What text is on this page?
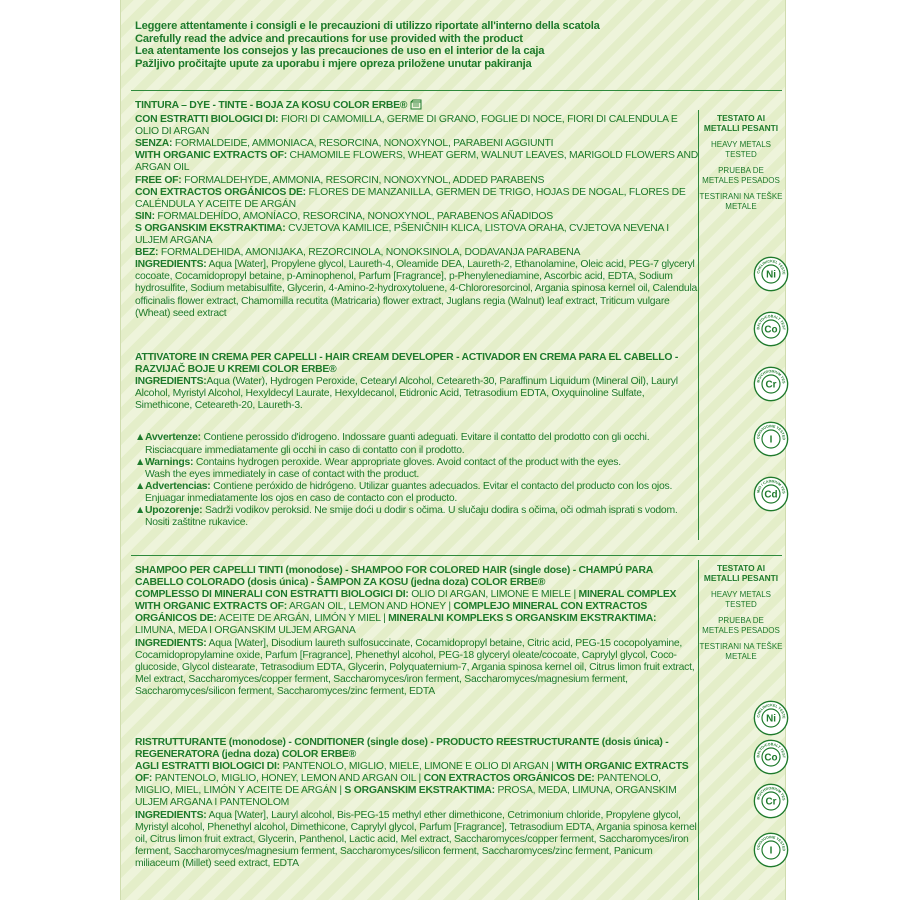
Leggere attentamente i consigli e le precauzioni di utilizzo riportate all'interno della scatola
Carefully read the advice and precautions for use provided with the product
Lea atentamente los consejos y las precauciones de uso en el interior de la caja
Pažljivo pročitajte upute za uporabu i mjere opreza priložene unutar pakiranja

TINTURA – DYE - TINTE - BOJA ZA KOSU COLOR ERBE®

CON ESTRATTI BIOLOGICI DI: FIORI DI CAMOMILLA, GERME DI GRANO, FOGLIE DI NOCE, FIORI DI CALENDULA E OLIO DI ARGAN

SENZA: FORMALDEIDE, AMMONIACA, RESORCINA, NONOXYNOL, PARABENI AGGIUNTI

WITH ORGANIC EXTRACTS OF: CHAMOMILE FLOWERS, WHEAT GERM, WALNUT LEAVES, MARIGOLD FLOWERS AND ARGAN OIL

FREE OF: FORMALDEHYDE, AMMONIA, RESORCIN, NONOXYNOL, ADDED PARABENS

CON EXTRACTOS ORGÁNICOS DE: FLORES DE MANZANILLA, GERMEN DE TRIGO, HOJAS DE NOGAL, FLORES DE CALÉNDULA Y ACEITE DE ARGÁN

SIN: FORMALDEHÍDO, AMONÍACO, RESORCINA, NONOXYNOL, PARABENOS AÑADIDOS

S ORGANSKIM EKSTRAKTIMA: CVJETOVA KAMILICE, PŠENIČNIH KLICA, LISTOVA ORAHA, CVJETOVA NEVENA I ULJEM ARGANA

BEZ: FORMALDEHIDA, AMONIJAKA, REZORCINOLA, NONOKSINOLA, DODAVANJA PARABENA

INGREDIENTS: Aqua [Water], Propylene glycol, Laureth-4, Oleamide DEA, Laureth-2, Ethanolamine, Oleic acid, PEG-7 glyceryl cocoate, Cocamidopropyl betaine, p-Aminophenol, Parfum [Fragrance], p-Phenylenediamine, Ascorbic acid, EDTA, Sodium hydrosulfite, Sodium metabisulfite, Glycerin, 4-Amino-2-hydroxytoluene, 4-Chlororesorcinol, Argania spinosa kernel oil, Calendula officinalis flower extract, Chamomilla recutita (Matricaria) flower extract, Juglans regia (Walnut) leaf extract, Triticum vulgare (Wheat) seed extract

ATTIVATORE IN CREMA PER CAPELLI - HAIR CREAM DEVELOPER - ACTIVADOR EN CREMA PARA EL CABELLO - RAZVIJAČ BOJE U KREMI COLOR ERBE®

INGREDIENTS:Aqua (Water), Hydrogen Peroxide, Cetearyl Alcohol, Ceteareth-30, Paraffinum Liquidum (Mineral Oil), Lauryl Alcohol, Myristyl Alcohol, Hexyldecyl Laurate, Hexyldecanol, Etidronic Acid, Tetrasodium EDTA, Oxyquinoline Sulfate, Simethicone, Ceteareth-20, Laureth-3.

▲Avvertenze: Contiene perossido d'idrogeno. Indossare guanti adeguati. Evitare il contatto del prodotto con gli occhi.

Risciacquare immediatamente gli occhi in caso di contatto con il prodotto.

▲Warnings: Contains hydrogen peroxide. Wear appropriate gloves. Avoid contact of the product with the eyes.

Wash the eyes immediately in case of contact with the product.

▲Advertencias: Contiene peróxido de hidrógeno. Utilizar guantes adecuados. Evitar el contacto del producto con los ojos.

Enjuagar inmediatamente los ojos en caso de contacto con el producto.

▲Upozorenje: Sadrži vodikov peroksid. Ne smije doći u dodir s očima. U slučaju dodira s očima, oči odmah isprati s vodom.

Nositi zaštitne rukavice.

SHAMPOO PER CAPELLI TINTI (monodose) - SHAMPOO FOR COLORED HAIR (single dose) - CHAMPÚ PARA CABELLO COLORADO (dosis única) - ŠAMPON ZA KOSU (jedna doza) COLOR ERBE®

COMPLESSO DI MINERALI CON ESTRATTI BIOLOGICI DI: OLIO DI ARGAN, LIMONE E MIELE | MINERAL COMPLEX WITH ORGANIC EXTRACTS OF: ARGAN OIL, LEMON AND HONEY | COMPLEJO MINERAL CON EXTRACTOS ORGÁNICOS DE: ACEITE DE ARGÁN, LIMÓN Y MIEL | MINERALNI KOMPLEKS S ORGANSKIM EKSTRAKTIMA: LIMUNA, MEDA I ORGANSKIM ULJEM ARGANA

INGREDIENTS: Aqua [Water], Disodium laureth sulfosuccinate, Cocamidopropyl betaine, Citric acid, PEG-15 cocopolyamine, Cocamidopropylamine oxide, Parfum [Fragrance], Phenethyl alcohol, PEG-18 glyceryl oleate/cocoate, Caprylyl glycol, Coco-glucoside, Glycol distearate, Tetrasodium EDTA, Glycerin, Polyquaternium-7, Argania spinosa kernel oil, Citrus limon fruit extract, Mel extract, Saccharomyces/copper ferment, Saccharomyces/iron ferment, Saccharomyces/magnesium ferment, Saccharomyces/silicon ferment, Saccharomyces/zinc ferment, EDTA

RISTRUTTURANTE (monodose) - CONDITIONER (single dose) - PRODUCTO REESTRUCTURANTE (dosis única) - REGENERATORA (jedna doza) COLOR ERBE®

AGLI ESTRATTI BIOLOGICI DI: PANTENOLO, MIGLIO, MIELE, LIMONE E OLIO DI ARGAN | WITH ORGANIC EXTRACTS OF: PANTENOLO, MIGLIO, HONEY, LEMON AND ARGAN OIL | CON EXTRACTOS ORGÁNICOS DE: PANTENOLO, MIGLIO, MIEL, LIMÓN Y ACEITE DE ARGÁN | S ORGANSKIM EKSTRAKTIMA: PROSA, MEDA, LIMUNA, ORGANSKIM ULJEM ARGANA I PANTENOLOM

INGREDIENTS: Aqua [Water], Lauryl alcohol, Bis-PEG-15 methyl ether dimethicone, Cetrimonium chloride, Propylene glycol, Myristyl alcohol, Phenethyl alcohol, Dimethicone, Caprylyl glycol, Parfum [Fragrance], Tetrasodium EDTA, Argania spinosa kernel oil, Citrus limon fruit extract, Glycerin, Panthenol, Lactic acid, Mel extract, Saccharomyces/copper ferment, Saccharomyces/iron ferment, Saccharomyces/magnesium ferment, Saccharomyces/silicon ferment, Saccharomyces/zinc ferment, Panicum miliaceum (Millet) seed extract, EDTA

TESTATO AI METALLI PESANTI
HEAVY METALS TESTED
PRUEBA DE METALES PESADOS
TESTIRANI NA TEŠKE METALE
TESTATO AI METALLI PESANTI
HEAVY METALS TESTED
PRUEBA DE METALES PESADOS
TESTIRANI NA TEŠKE METALE
CHELINICKEL TESTE
Ni
BALTO/COBALT TEST
Co
MO/CHROMIUM TES
Cr
ODIO/IODINE TESTED
I
MIO / CADMIUM TES
Cd
CHELINICKEL TESTE
Ni
BALTO/COBALT TEST
Co
MO/CHROMIUM TES
Cr
ODIO/IODINE TESTED
I
